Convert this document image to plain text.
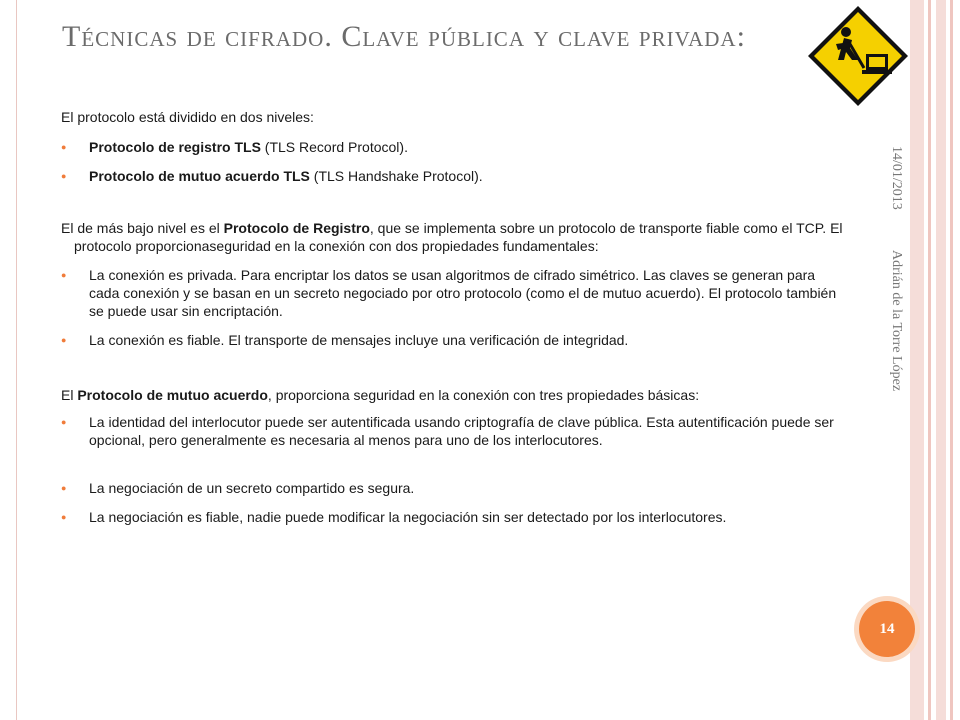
Técnicas de cifrado. Clave pública y clave privada:
El protocolo está dividido en dos niveles:
● Protocolo de registro TLS (TLS Record Protocol).
● Protocolo de mutuo acuerdo TLS (TLS Handshake Protocol).
El de más bajo nivel es el Protocolo de Registro, que se implementa sobre un protocolo de transporte fiable como el TCP. El protocolo proporcionaseguridad en la conexión con dos propiedades fundamentales:
● La conexión es privada. Para encriptar los datos se usan algoritmos de cifrado simétrico. Las claves se generan para cada conexión y se basan en un secreto negociado por otro protocolo (como el de mutuo acuerdo). El protocolo también se puede usar sin encriptación.
● La conexión es fiable. El transporte de mensajes incluye una verificación de integridad.
El Protocolo de mutuo acuerdo, proporciona seguridad en la conexión con tres propiedades básicas:
● La identidad del interlocutor puede ser autentificada usando criptografía de clave pública. Esta autentificación puede ser opcional, pero generalmente es necesaria al menos para uno de los interlocutores.
● La negociación de un secreto compartido es segura.
● La negociación es fiable, nadie puede modificar la negociación sin ser detectado por los interlocutores.
14/01/2013
Adrián de la Torre López
14
